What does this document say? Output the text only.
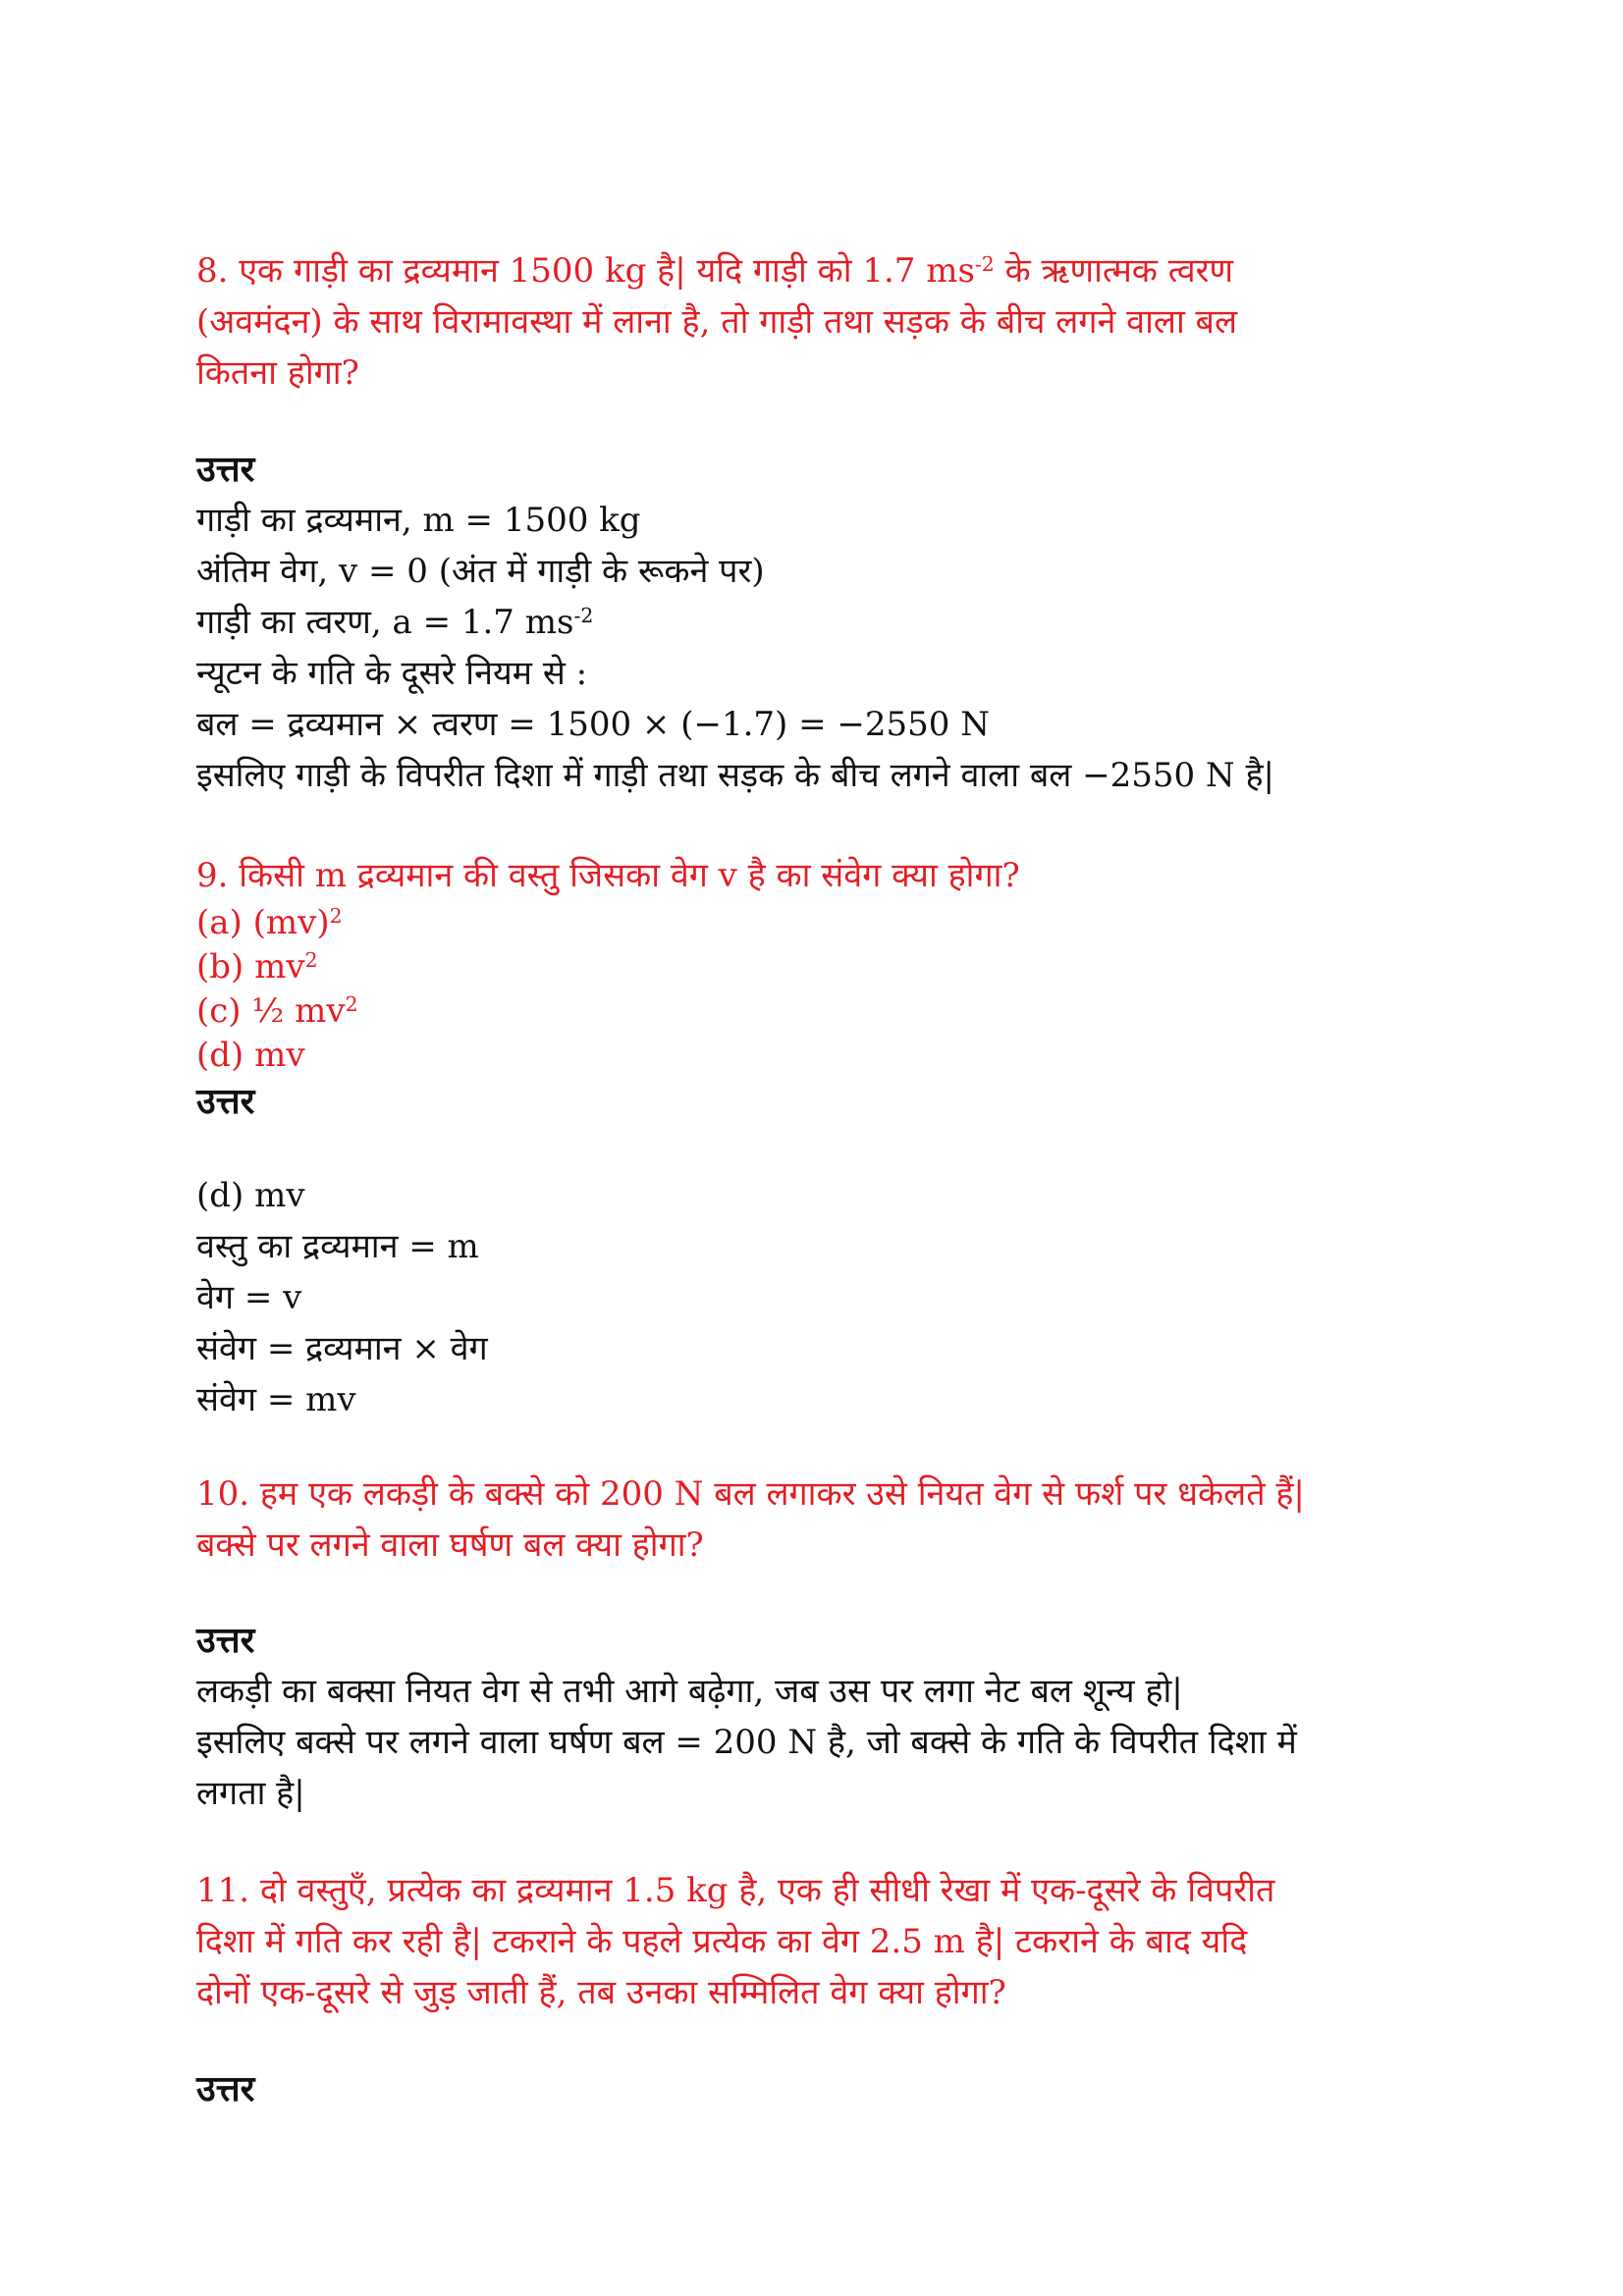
8. एक गाड़ी का द्रव्यमान 1500 kg है| यदि गाड़ी को 1.7 $ms^{-2}$ के ऋणात्मक त्वरण

(अवमंदन) के साथ विरामावस्था में लाना है, तो गाड़ी तथा सड़क के बीच लगने वाला बल

कितना होगा?

उत्तर

गाड़ी का द्रव्यमान, m = 1500 kg

अंतिम वेग, v = 0 (अंत में गाड़ी के रूकने पर)

गाड़ी का त्वरण, a = 1.7 $ms^{-2}$

न्यूटन के गति के दूसरे नियम से :

बल = द्रव्यमान × त्वरण = 1500 × (−1.7) = −2550 N

इसलिए गाड़ी के विपरीत दिशा में गाड़ी तथा सड़क के बीच लगने वाला बल −2550 N है|

9. किसी m द्रव्यमान की वस्तु जिसका वेग v है का संवेग क्या होगा?

(a) (mv)$^2$

(b) $mv^2$

(c) ½ $mv^2$

(d) mv

उत्तर

(d) mv

वस्तु का द्रव्यमान = m

वेग = v

संवेग = द्रव्यमान × वेग

संवेग = mv

10. हम एक लकड़ी के बक्से को 200 N बल लगाकर उसे नियत वेग से फर्श पर धकेलते हैं|

बक्से पर लगने वाला घर्षण बल क्या होगा?

उत्तर

लकड़ी का बक्सा नियत वेग से तभी आगे बढ़ेगा, जब उस पर लगा नेट बल शून्य हो|

इसलिए बक्से पर लगने वाला घर्षण बल = 200 N है, जो बक्से के गति के विपरीत दिशा में

लगता है|

11. दो वस्तुएँ, प्रत्येक का द्रव्यमान 1.5 kg है, एक ही सीधी रेखा में एक-दूसरे के विपरीत

दिशा में गति कर रही है| टकराने के पहले प्रत्येक का वेग 2.5 m है| टकराने के बाद यदि

दोनों एक-दूसरे से जुड़ जाती हैं, तब उनका सम्मिलित वेग क्या होगा?

उत्तर
